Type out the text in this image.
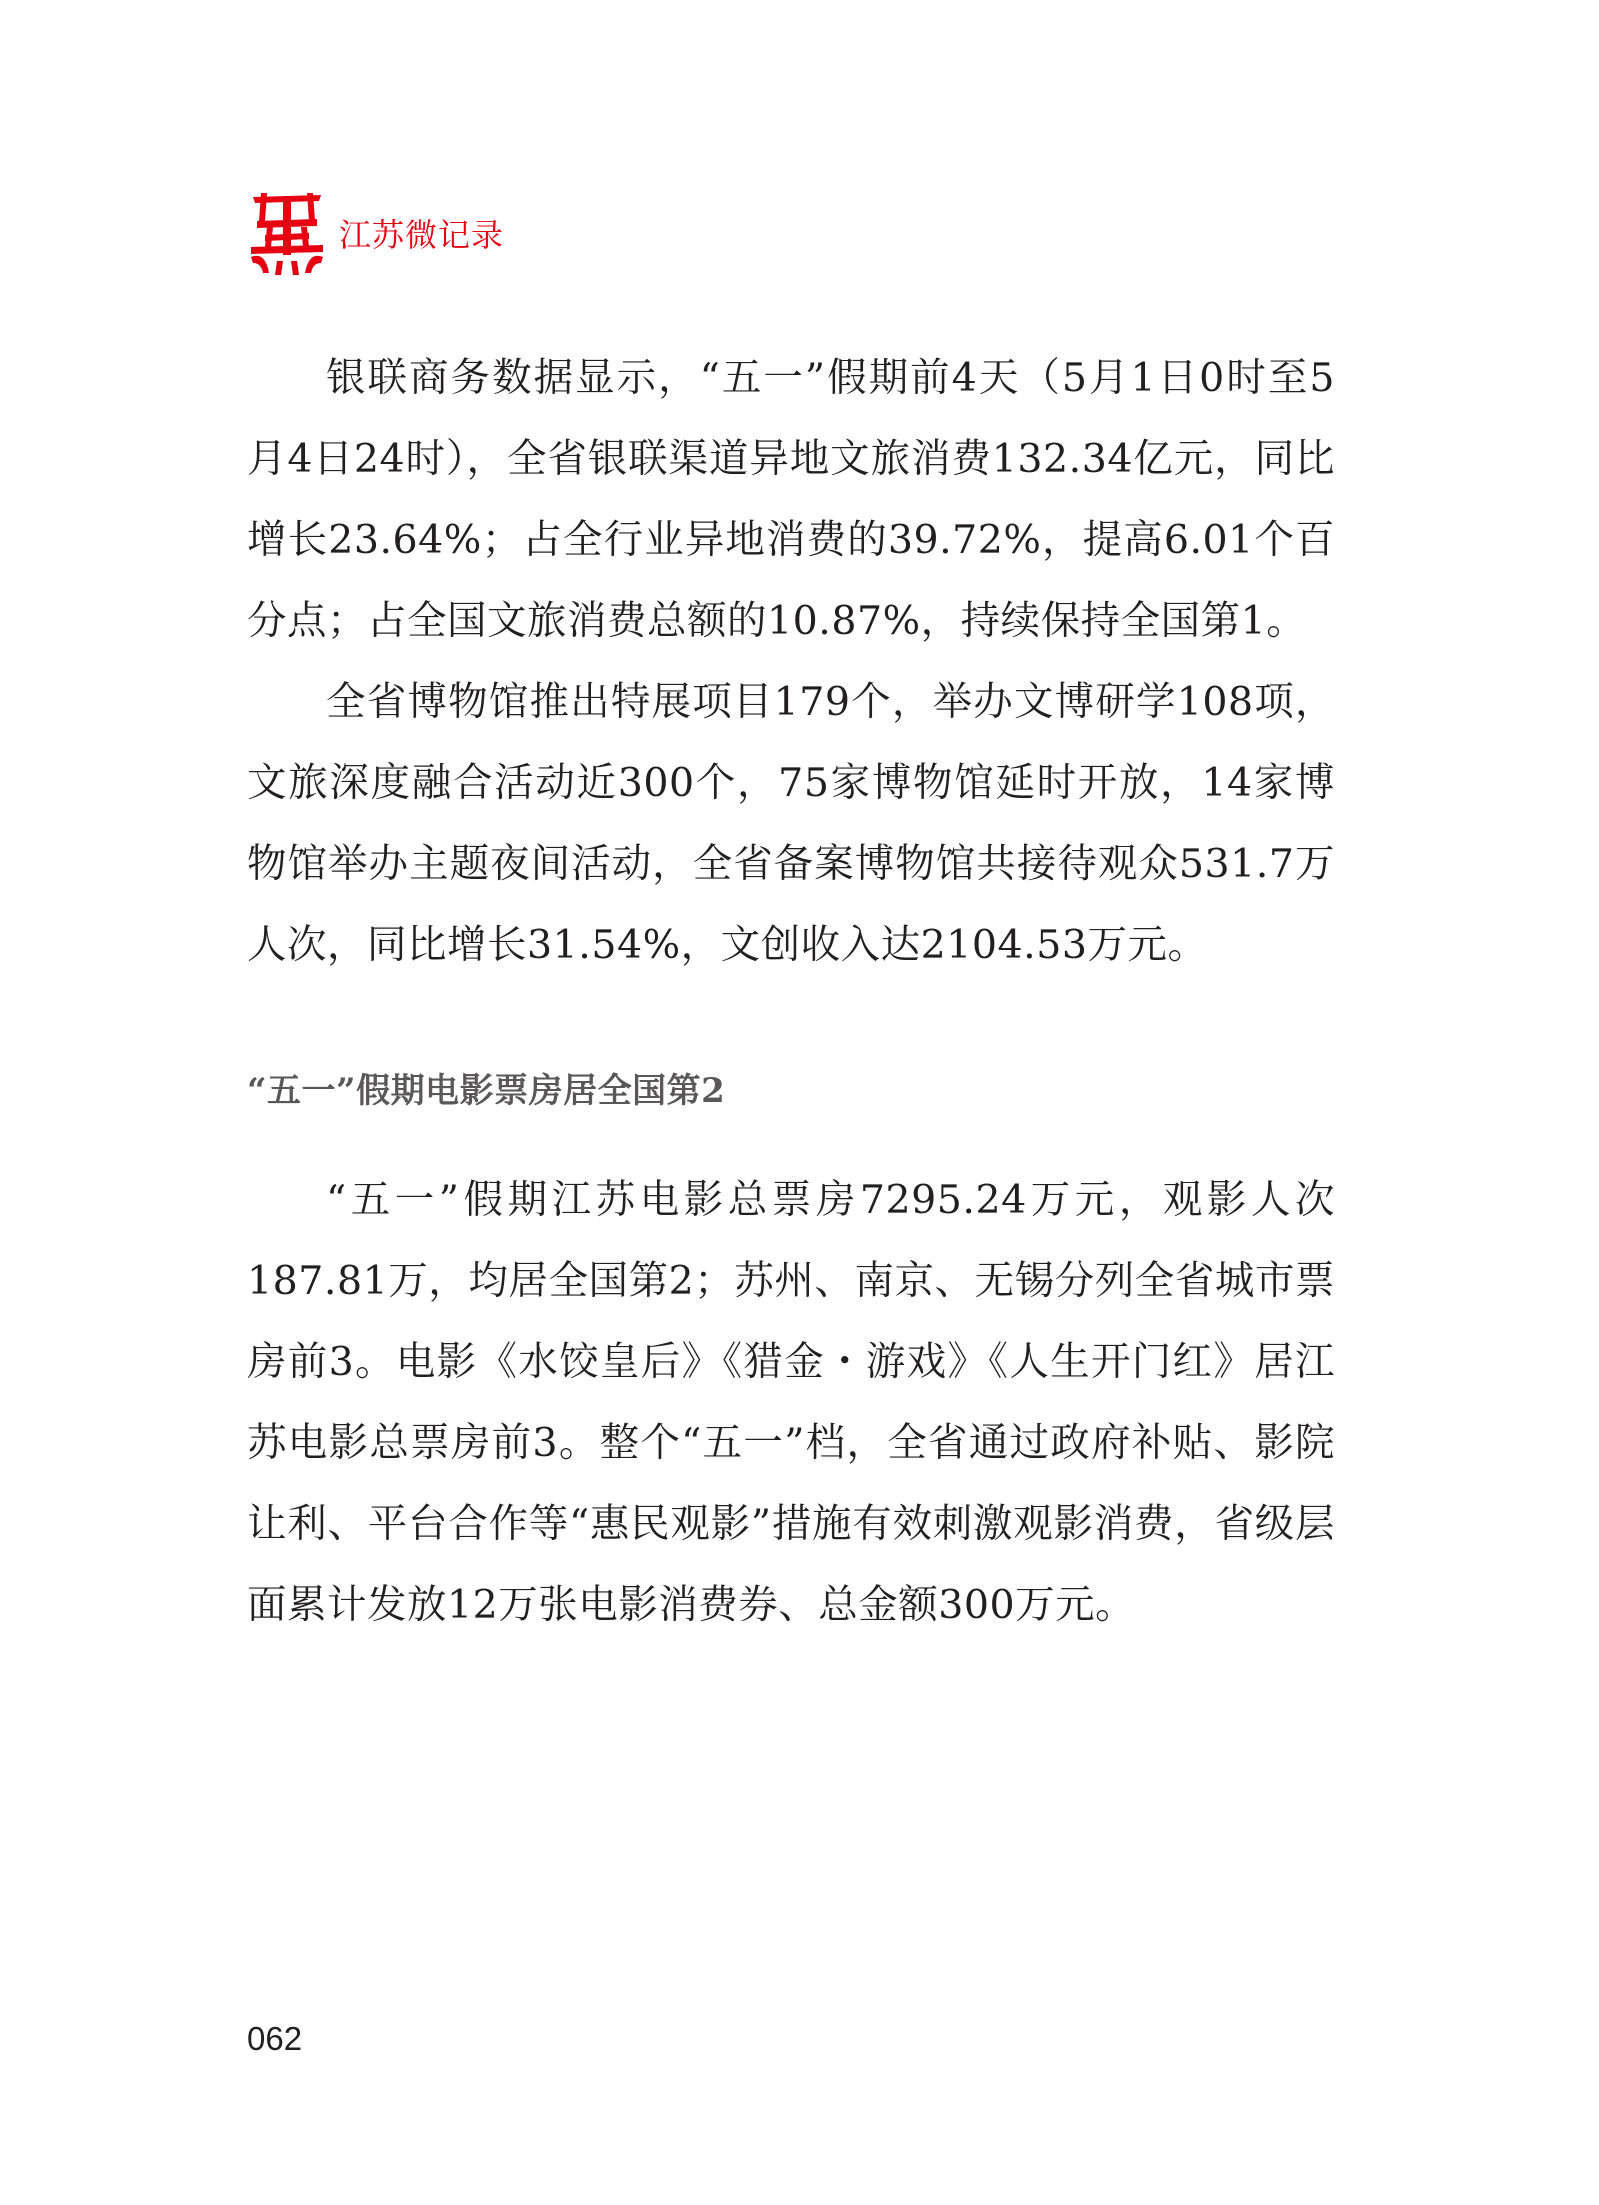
江苏微记录

银联商务数据显示，“五一”假期前4天（5月1日0时至5月4日24时），全省银联渠道异地文旅消费132.34亿元，同比增长23.64%；占全行业异地消费的39.72%，提高6.01个百分点；占全国文旅消费总额的10.87%，持续保持全国第1。

全省博物馆推出特展项目179个，举办文博研学108项，文旅深度融合活动近300个，75家博物馆延时开放，14家博物馆举办主题夜间活动，全省备案博物馆共接待观众531.7万人次，同比增长31.54%，文创收入达2104.53万元。

“五一”假期电影票房居全国第2

“五一”假期江苏电影总票房7295.24万元，观影人次187.81万，均居全国第2；苏州、南京、无锡分列全省城市票房前3。电影《水饺皇后》《猎金・游戏》《人生开门红》居江苏电影总票房前3。整个“五一”档，全省通过政府补贴、影院让利、平台合作等“惠民观影”措施有效刺激观影消费，省级层面累计发放12万张电影消费券、总金额300万元。

062
